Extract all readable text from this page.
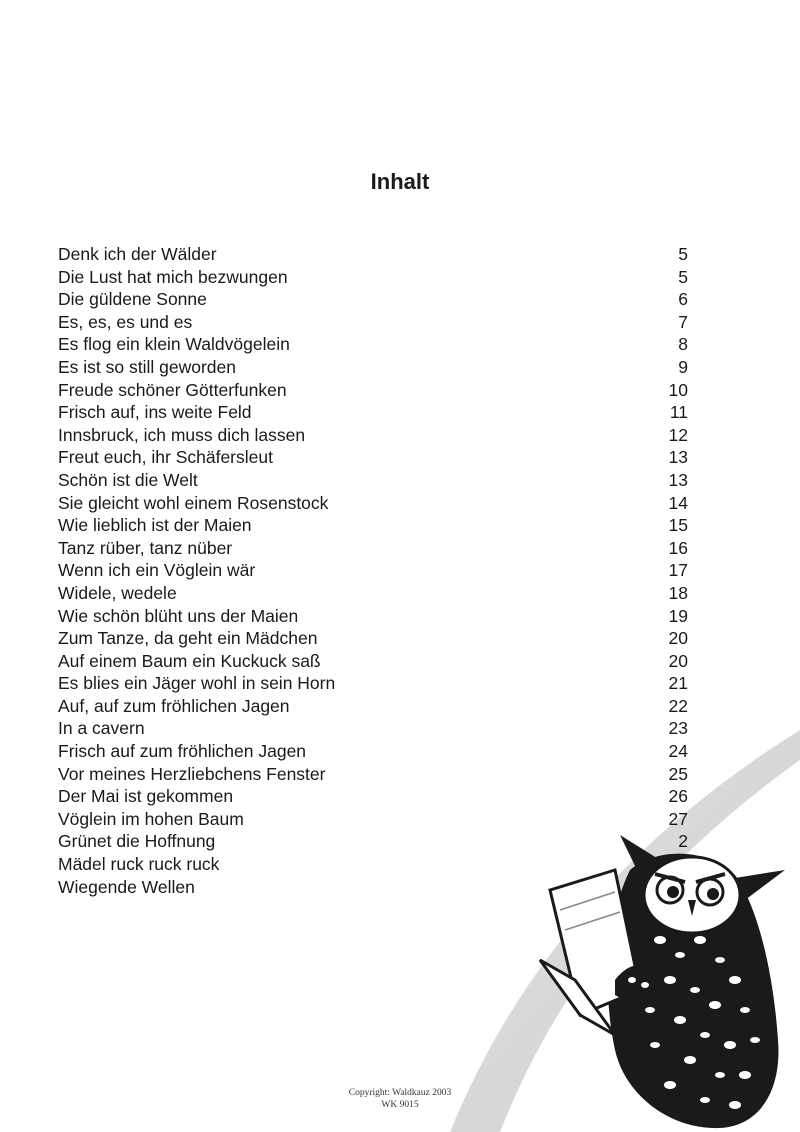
Inhalt
Denk ich der Wälder	5
Die Lust hat mich bezwungen	5
Die güldene Sonne	6
Es, es, es und es	7
Es flog ein klein Waldvögelein	8
Es ist so still geworden	9
Freude schöner Götterfunken	10
Frisch auf, ins weite Feld	11
Innsbruck, ich muss dich lassen	12
Freut euch, ihr Schäfersleut	13
Schön ist die Welt	13
Sie gleicht wohl einem Rosenstock	14
Wie lieblich ist der Maien	15
Tanz rüber, tanz nüber	16
Wenn ich ein Vöglein wär	17
Widele, wedele	18
Wie schön blüht uns der Maien	19
Zum Tanze, da geht ein Mädchen	20
Auf einem Baum ein Kuckuck saß	20
Es blies ein Jäger wohl in sein Horn	21
Auf, auf zum fröhlichen Jagen	22
In a cavern	23
Frisch auf zum fröhlichen Jagen	24
Vor meines Herzliebchens Fenster	25
Der Mai ist gekommen	26
Vöglein im hohen Baum	27
Grünet die Hoffnung	2
Mädel ruck ruck ruck
Wiegende Wellen
Copyright: Waldkauz 2003
WK 9015
